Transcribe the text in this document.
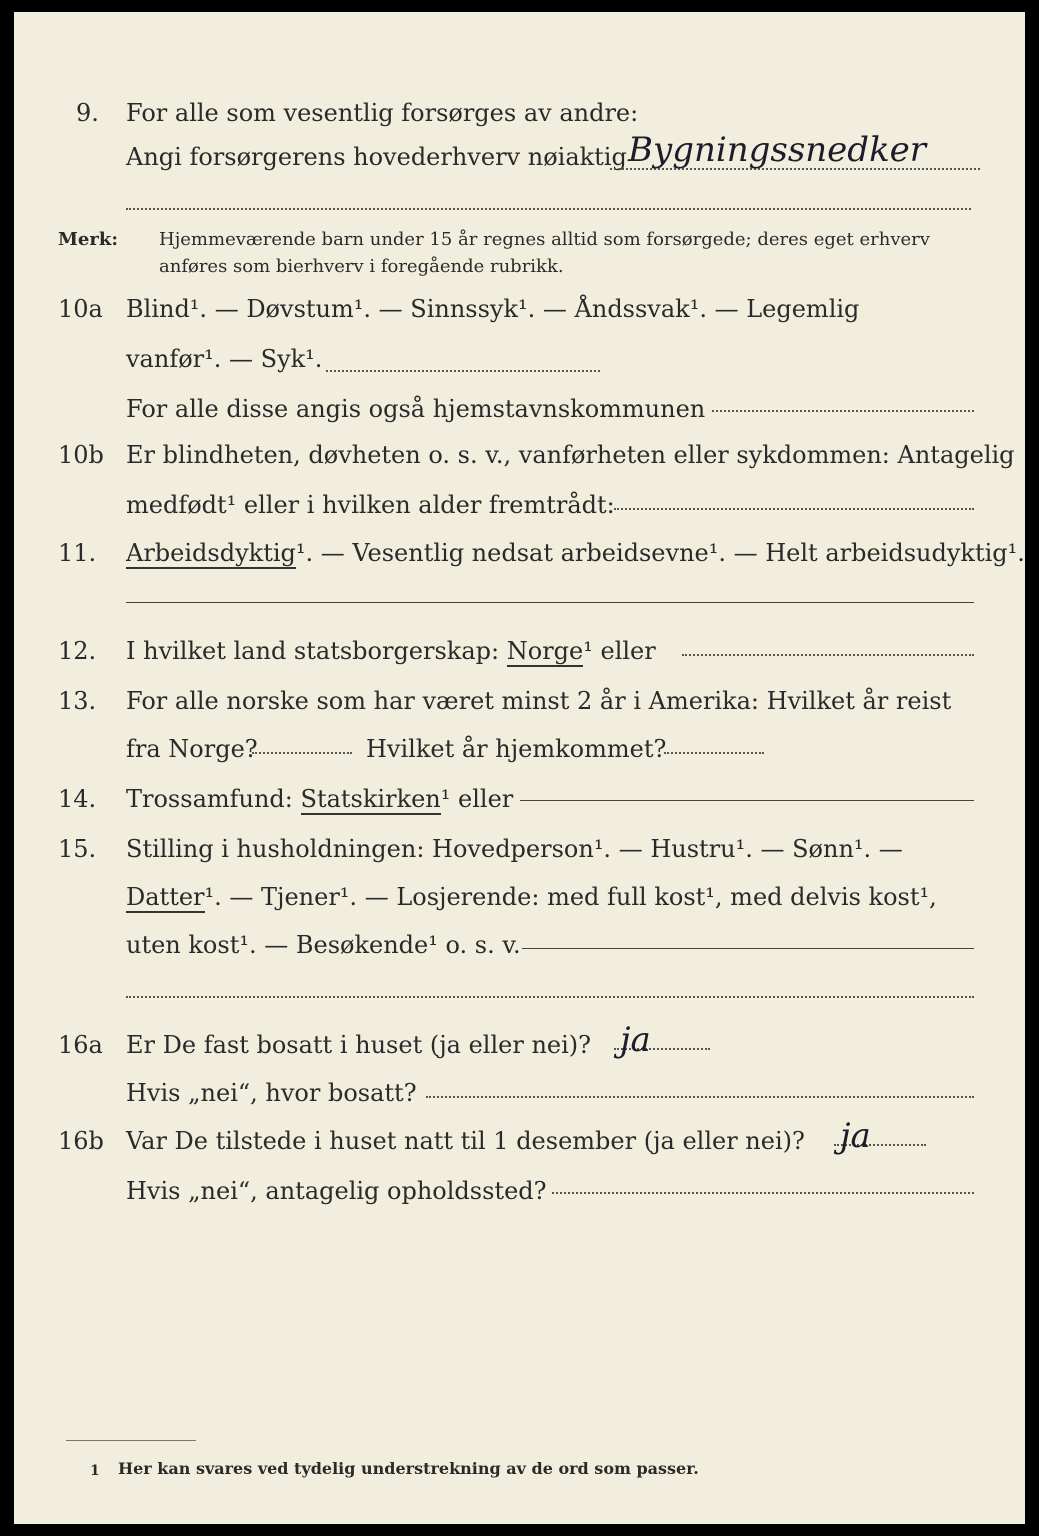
9. For alle som vesentlig forsørges av andre:
Angi forsørgerens hovederhverv nøiaktig Bygningssnedker
Merk: Hjemmeværende barn under 15 år regnes alltid som forsørgede; deres eget erhverv
anføres som bierhverv i foregående rubrikk.
10a Blind¹. — Døvstum¹. — Sinnssyk¹. — Åndssvak¹. — Legemlig
vanfør¹. — Syk¹.
For alle disse angis også hjemstavnskommunen
10b Er blindheten, døvheten o. s. v., vanførheten eller sykdommen: Antagelig
medfødt¹ eller i hvilken alder fremtrådt:
11. Arbeidsdyktig¹. — Vesentlig nedsat arbeidsevne¹. — Helt arbeidsudyktig¹.
12. I hvilket land statsborgerskap: Norge¹ eller
13. For alle norske som har været minst 2 år i Amerika: Hvilket år reist
fra Norge?	Hvilket år hjemkommet?
14. Trossamfund: Statskirken¹ eller
15. Stilling i husholdningen: Hovedperson¹. — Hustru¹. — Sønn¹. —
Datter¹. — Tjener¹. — Losjerende: med full kost¹, med delvis kost¹,
uten kost¹. — Besøkende¹ o. s. v.
16a Er De fast bosatt i huset (ja eller nei)? ja
Hvis „nei“, hvor bosatt?
16b Var De tilstede i huset natt til 1 desember (ja eller nei)? ja
Hvis „nei“, antagelig opholdssted?
1 Her kan svares ved tydelig understrekning av de ord som passer.
